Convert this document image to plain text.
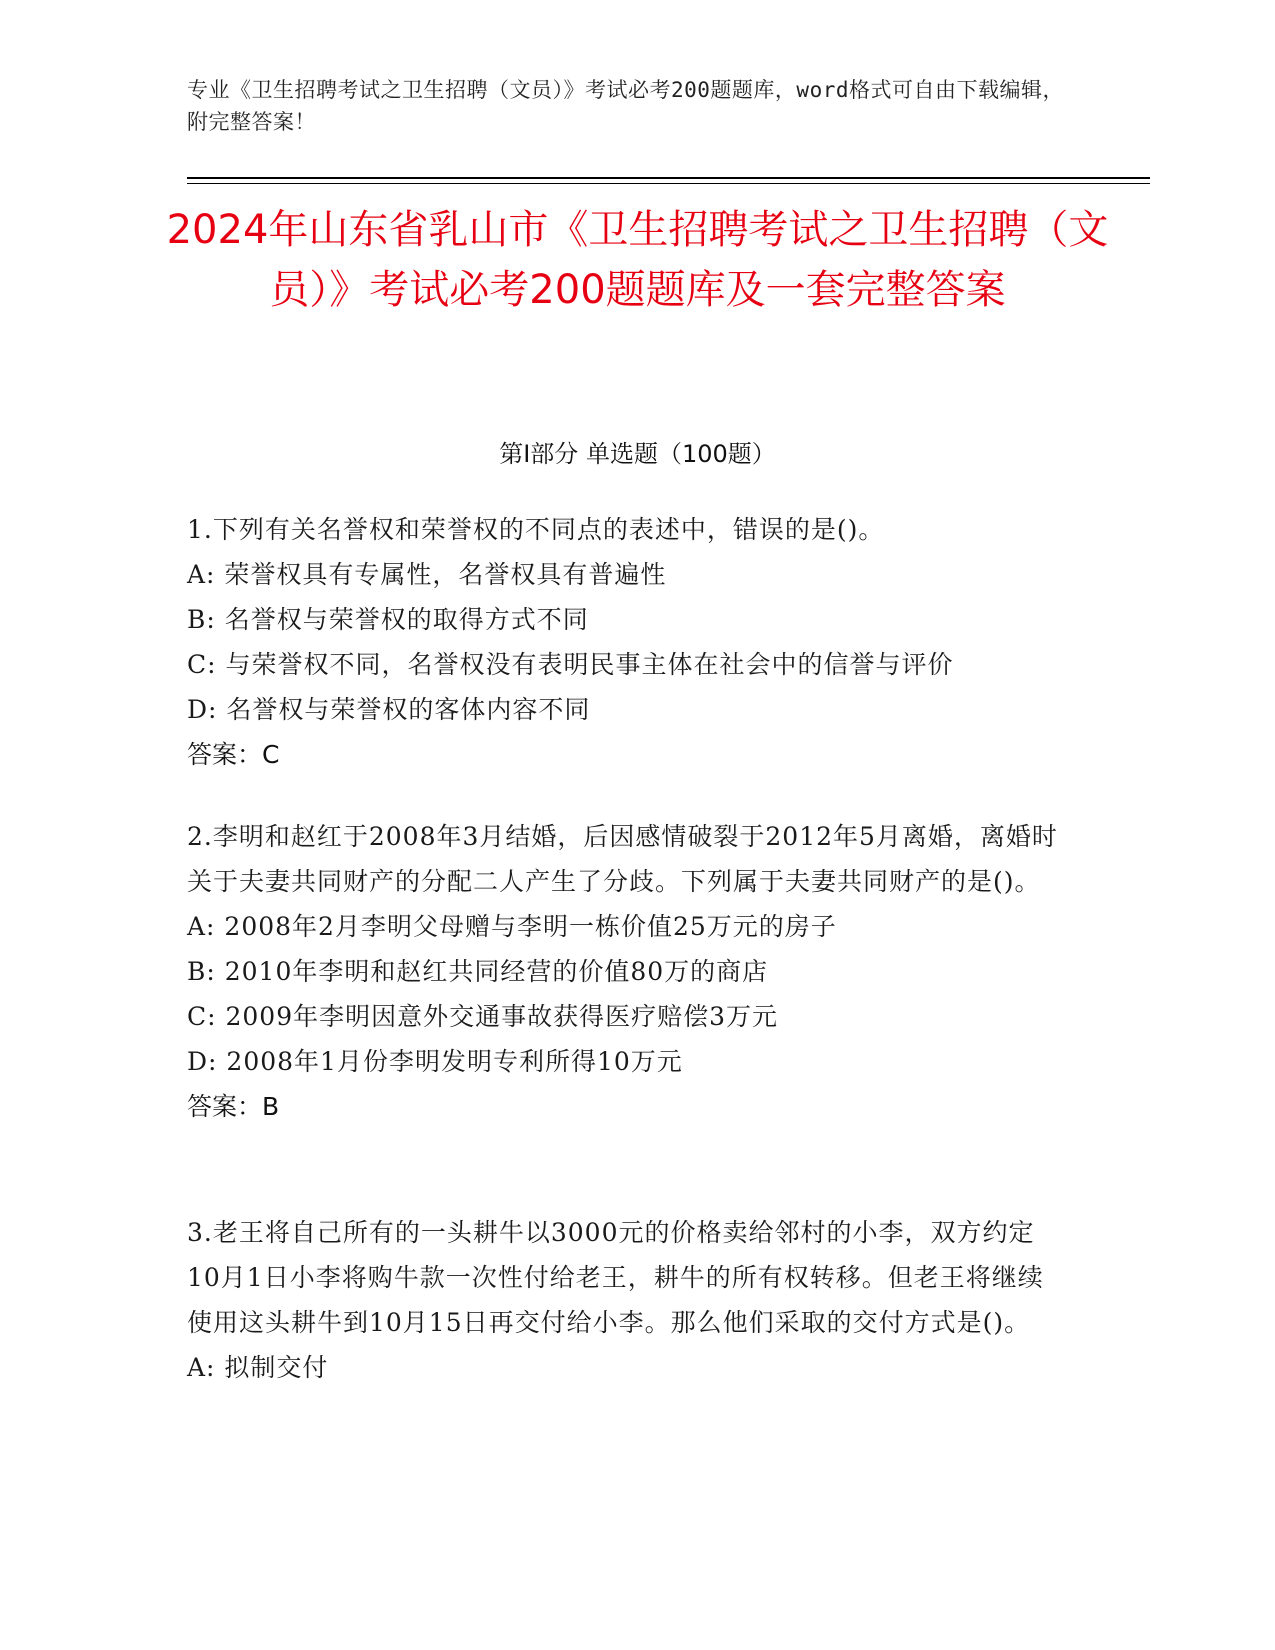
专业《卫生招聘考试之卫生招聘（文员）》考试必考200题题库，word格式可自由下载编辑，附完整答案！
2024年山东省乳山市《卫生招聘考试之卫生招聘（文员）》考试必考200题题库及一套完整答案
第Ⅰ部分 单选题（100题）

1.下列有关名誉权和荣誉权的不同点的表述中，错误的是()。

A: 荣誉权具有专属性，名誉权具有普遍性

B: 名誉权与荣誉权的取得方式不同

C: 与荣誉权不同，名誉权没有表明民事主体在社会中的信誉与评价

D: 名誉权与荣誉权的客体内容不同

答案：C

2.李明和赵红于2008年3月结婚，后因感情破裂于2012年5月离婚，离婚时关于夫妻共同财产的分配二人产生了分歧。下列属于夫妻共同财产的是()。

A: 2008年2月李明父母赠与李明一栋价值25万元的房子

B: 2010年李明和赵红共同经营的价值80万的商店

C: 2009年李明因意外交通事故获得医疗赔偿3万元

D: 2008年1月份李明发明专利所得10万元

答案：B

3.老王将自己所有的一头耕牛以3000元的价格卖给邻村的小李，双方约定10月1日小李将购牛款一次性付给老王，耕牛的所有权转移。但老王将继续使用这头耕牛到10月15日再交付给小李。那么他们采取的交付方式是()。

A: 拟制交付
